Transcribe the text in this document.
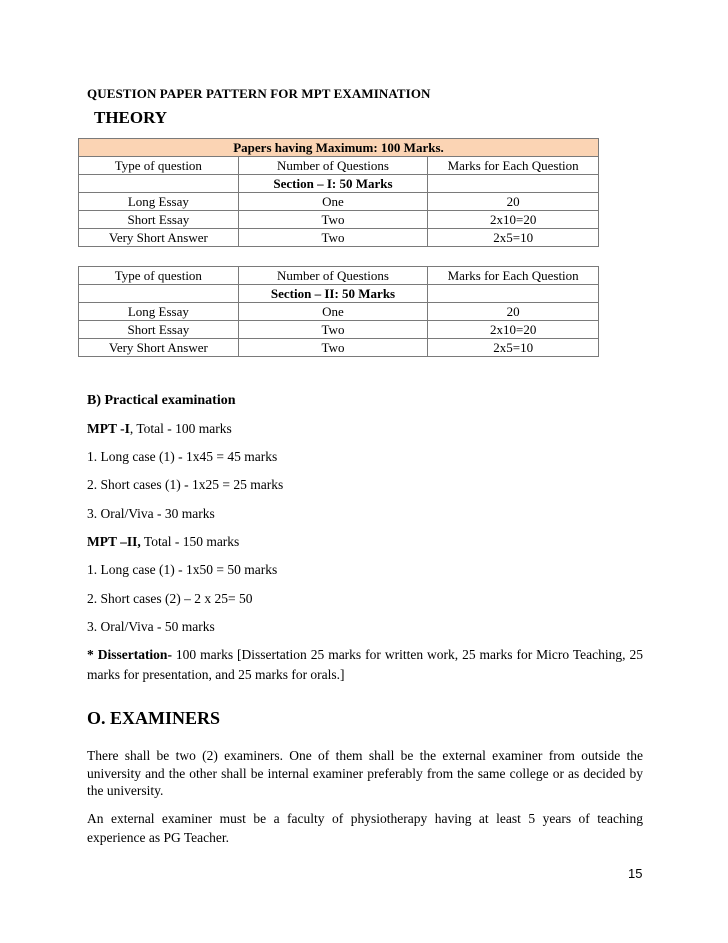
QUESTION PAPER PATTERN FOR MPT EXAMINATION
THEORY
Papers having Maximum: 100 Marks.		
Type of question	Number of Questions	Marks for Each Question
	Section – I: 50 Marks	
Long Essay	One	20
Short Essay	Two	2x10=20
Very Short Answer	Two	2x5=10
Type of question	Number of Questions	Marks for Each Question
	Section – II: 50 Marks	
Long Essay	One	20
Short Essay	Two	2x10=20
Very Short Answer	Two	2x5=10
B) Practical examination
MPT -I, Total - 100 marks
1. Long case (1) - 1x45 = 45 marks
2. Short cases (1) - 1x25 = 25 marks
3. Oral/Viva - 30 marks
MPT –II, Total - 150 marks
1. Long case (1) - 1x50 = 50 marks
2. Short cases (2) – 2 x 25= 50
3. Oral/Viva - 50 marks
* Dissertation- 100 marks [Dissertation 25 marks for written work, 25 marks for Micro Teaching, 25 marks for presentation, and 25 marks for orals.]
O. EXAMINERS
There shall be two (2) examiners. One of them shall be the external examiner from outside the university and the other shall be internal examiner preferably from the same college or as decided by the university.
An external examiner must be a faculty of physiotherapy having at least 5 years of teaching experience as PG Teacher.
15
